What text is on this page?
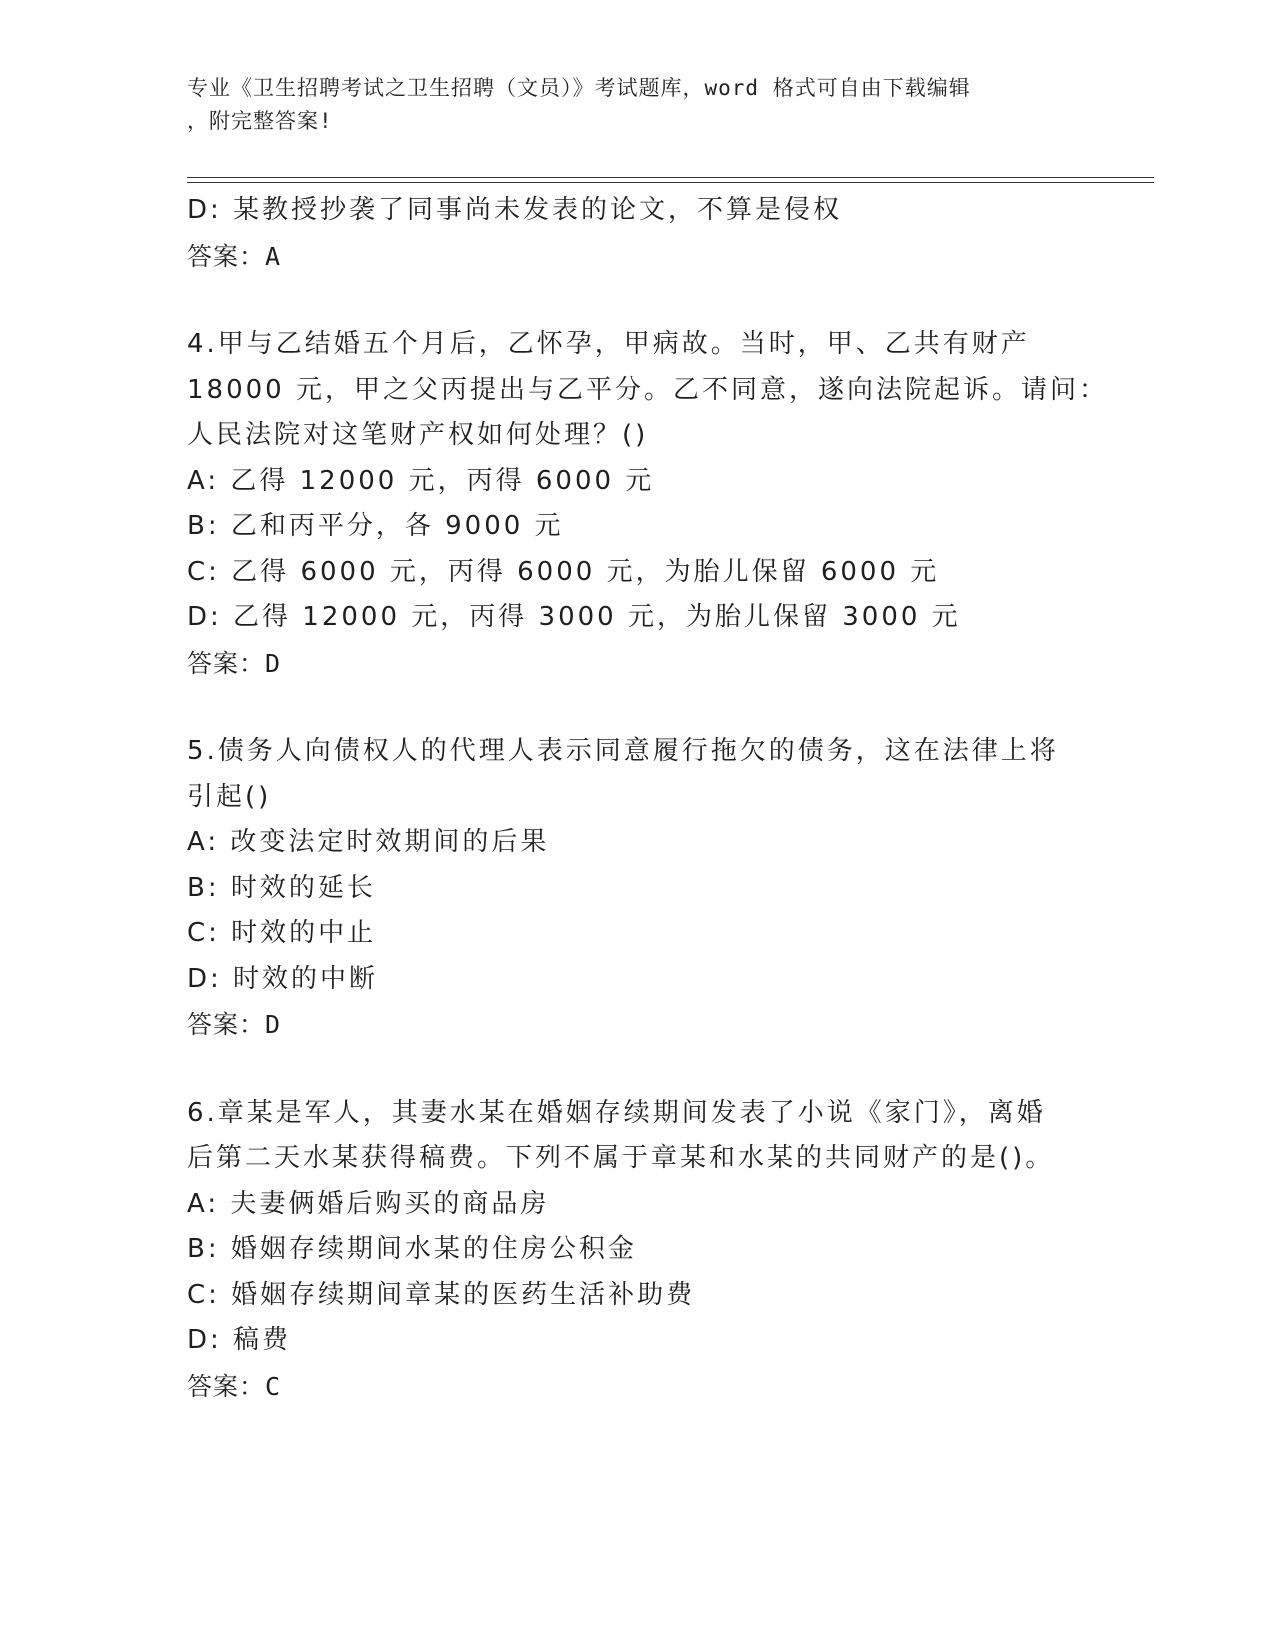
专业《卫生招聘考试之卫生招聘（文员）》考试题库，word 格式可自由下载编辑
，附完整答案!
D: 某教授抄袭了同事尚未发表的论文，不算是侵权
答案：A
4.甲与乙结婚五个月后，乙怀孕，甲病故。当时，甲、乙共有财产
18000 元，甲之父丙提出与乙平分。乙不同意，遂向法院起诉。请问：
人民法院对这笔财产权如何处理？()
A: 乙得 12000 元，丙得 6000 元
B: 乙和丙平分，各 9000 元
C: 乙得 6000 元，丙得 6000 元，为胎儿保留 6000 元
D: 乙得 12000 元，丙得 3000 元，为胎儿保留 3000 元
答案：D
5.债务人向债权人的代理人表示同意履行拖欠的债务，这在法律上将
引起()
A: 改变法定时效期间的后果
B: 时效的延长
C: 时效的中止
D: 时效的中断
答案：D
6.章某是军人，其妻水某在婚姻存续期间发表了小说《家门》，离婚
后第二天水某获得稿费。下列不属于章某和水某的共同财产的是()。
A: 夫妻俩婚后购买的商品房
B: 婚姻存续期间水某的住房公积金
C: 婚姻存续期间章某的医药生活补助费
D: 稿费
答案：C
